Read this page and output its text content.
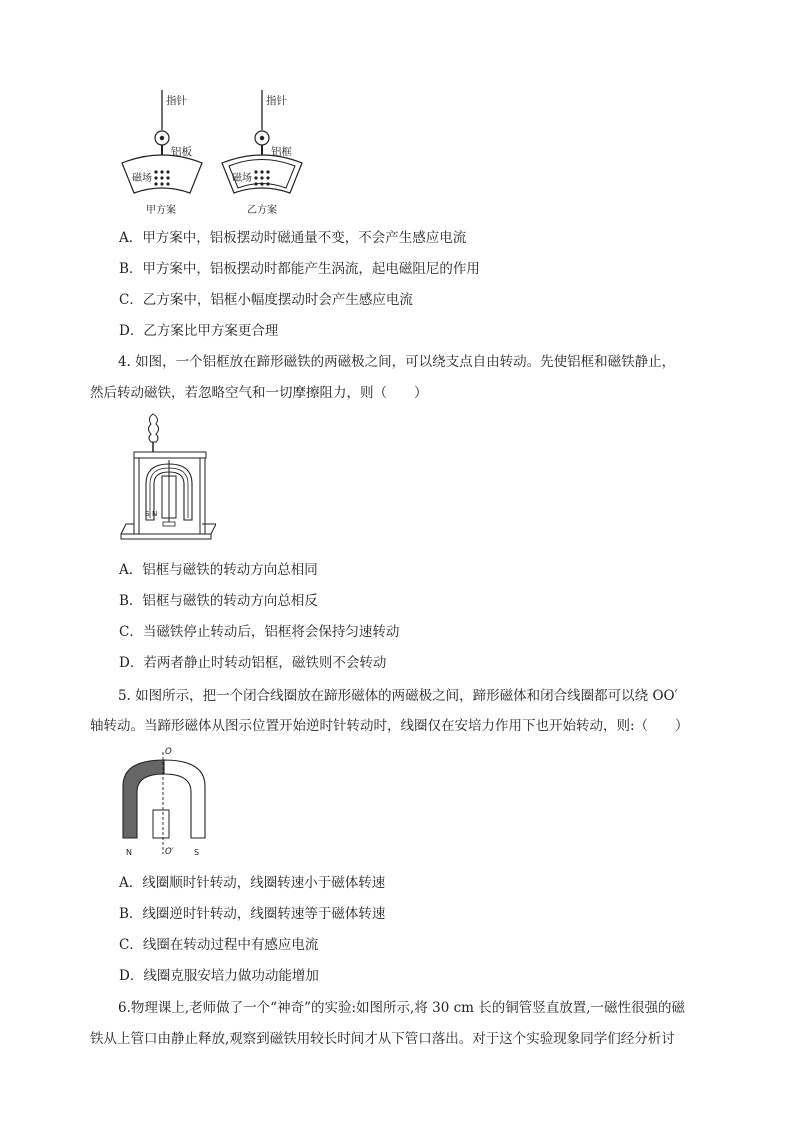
指针
铝板
磁场
甲方案
指针
铝框
磁场
乙方案
A．甲方案中，铝板摆动时磁通量不变，不会产生感应电流
B．甲方案中，铝板摆动时都能产生涡流，起电磁阻尼的作用
C．乙方案中，铝框小幅度摆动时会产生感应电流
D．乙方案比甲方案更合理
4. 如图，一个铝框放在蹄形磁铁的两磁极之间，可以绕支点自由转动。先使铝框和磁铁静止，
然后转动磁铁，若忽略空气和一切摩擦阻力，则（　　）
S N
A．铝框与磁铁的转动方向总相同
B．铝框与磁铁的转动方向总相反
C．当磁铁停止转动后，铝框将会保持匀速转动
D．若两者静止时转动铝框，磁铁则不会转动
5. 如图所示，把一个闭合线圈放在蹄形磁体的两磁极之间，蹄形磁体和闭合线圈都可以绕 OO′
轴转动。当蹄形磁体从图示位置开始逆时针转动时，线圈仅在安培力作用下也开始转动，则:（　　）
O
O′
N	S
A．线圈顺时针转动，线圈转速小于磁体转速
B．线圈逆时针转动，线圈转速等于磁体转速
C．线圈在转动过程中有感应电流
D．线圈克服安培力做功动能增加
6.物理课上,老师做了一个“神奇”的实验:如图所示,将 30 cm 长的铜管竖直放置,一磁性很强的磁
铁从上管口由静止释放,观察到磁铁用较长时间才从下管口落出。对于这个实验现象同学们经分析讨
